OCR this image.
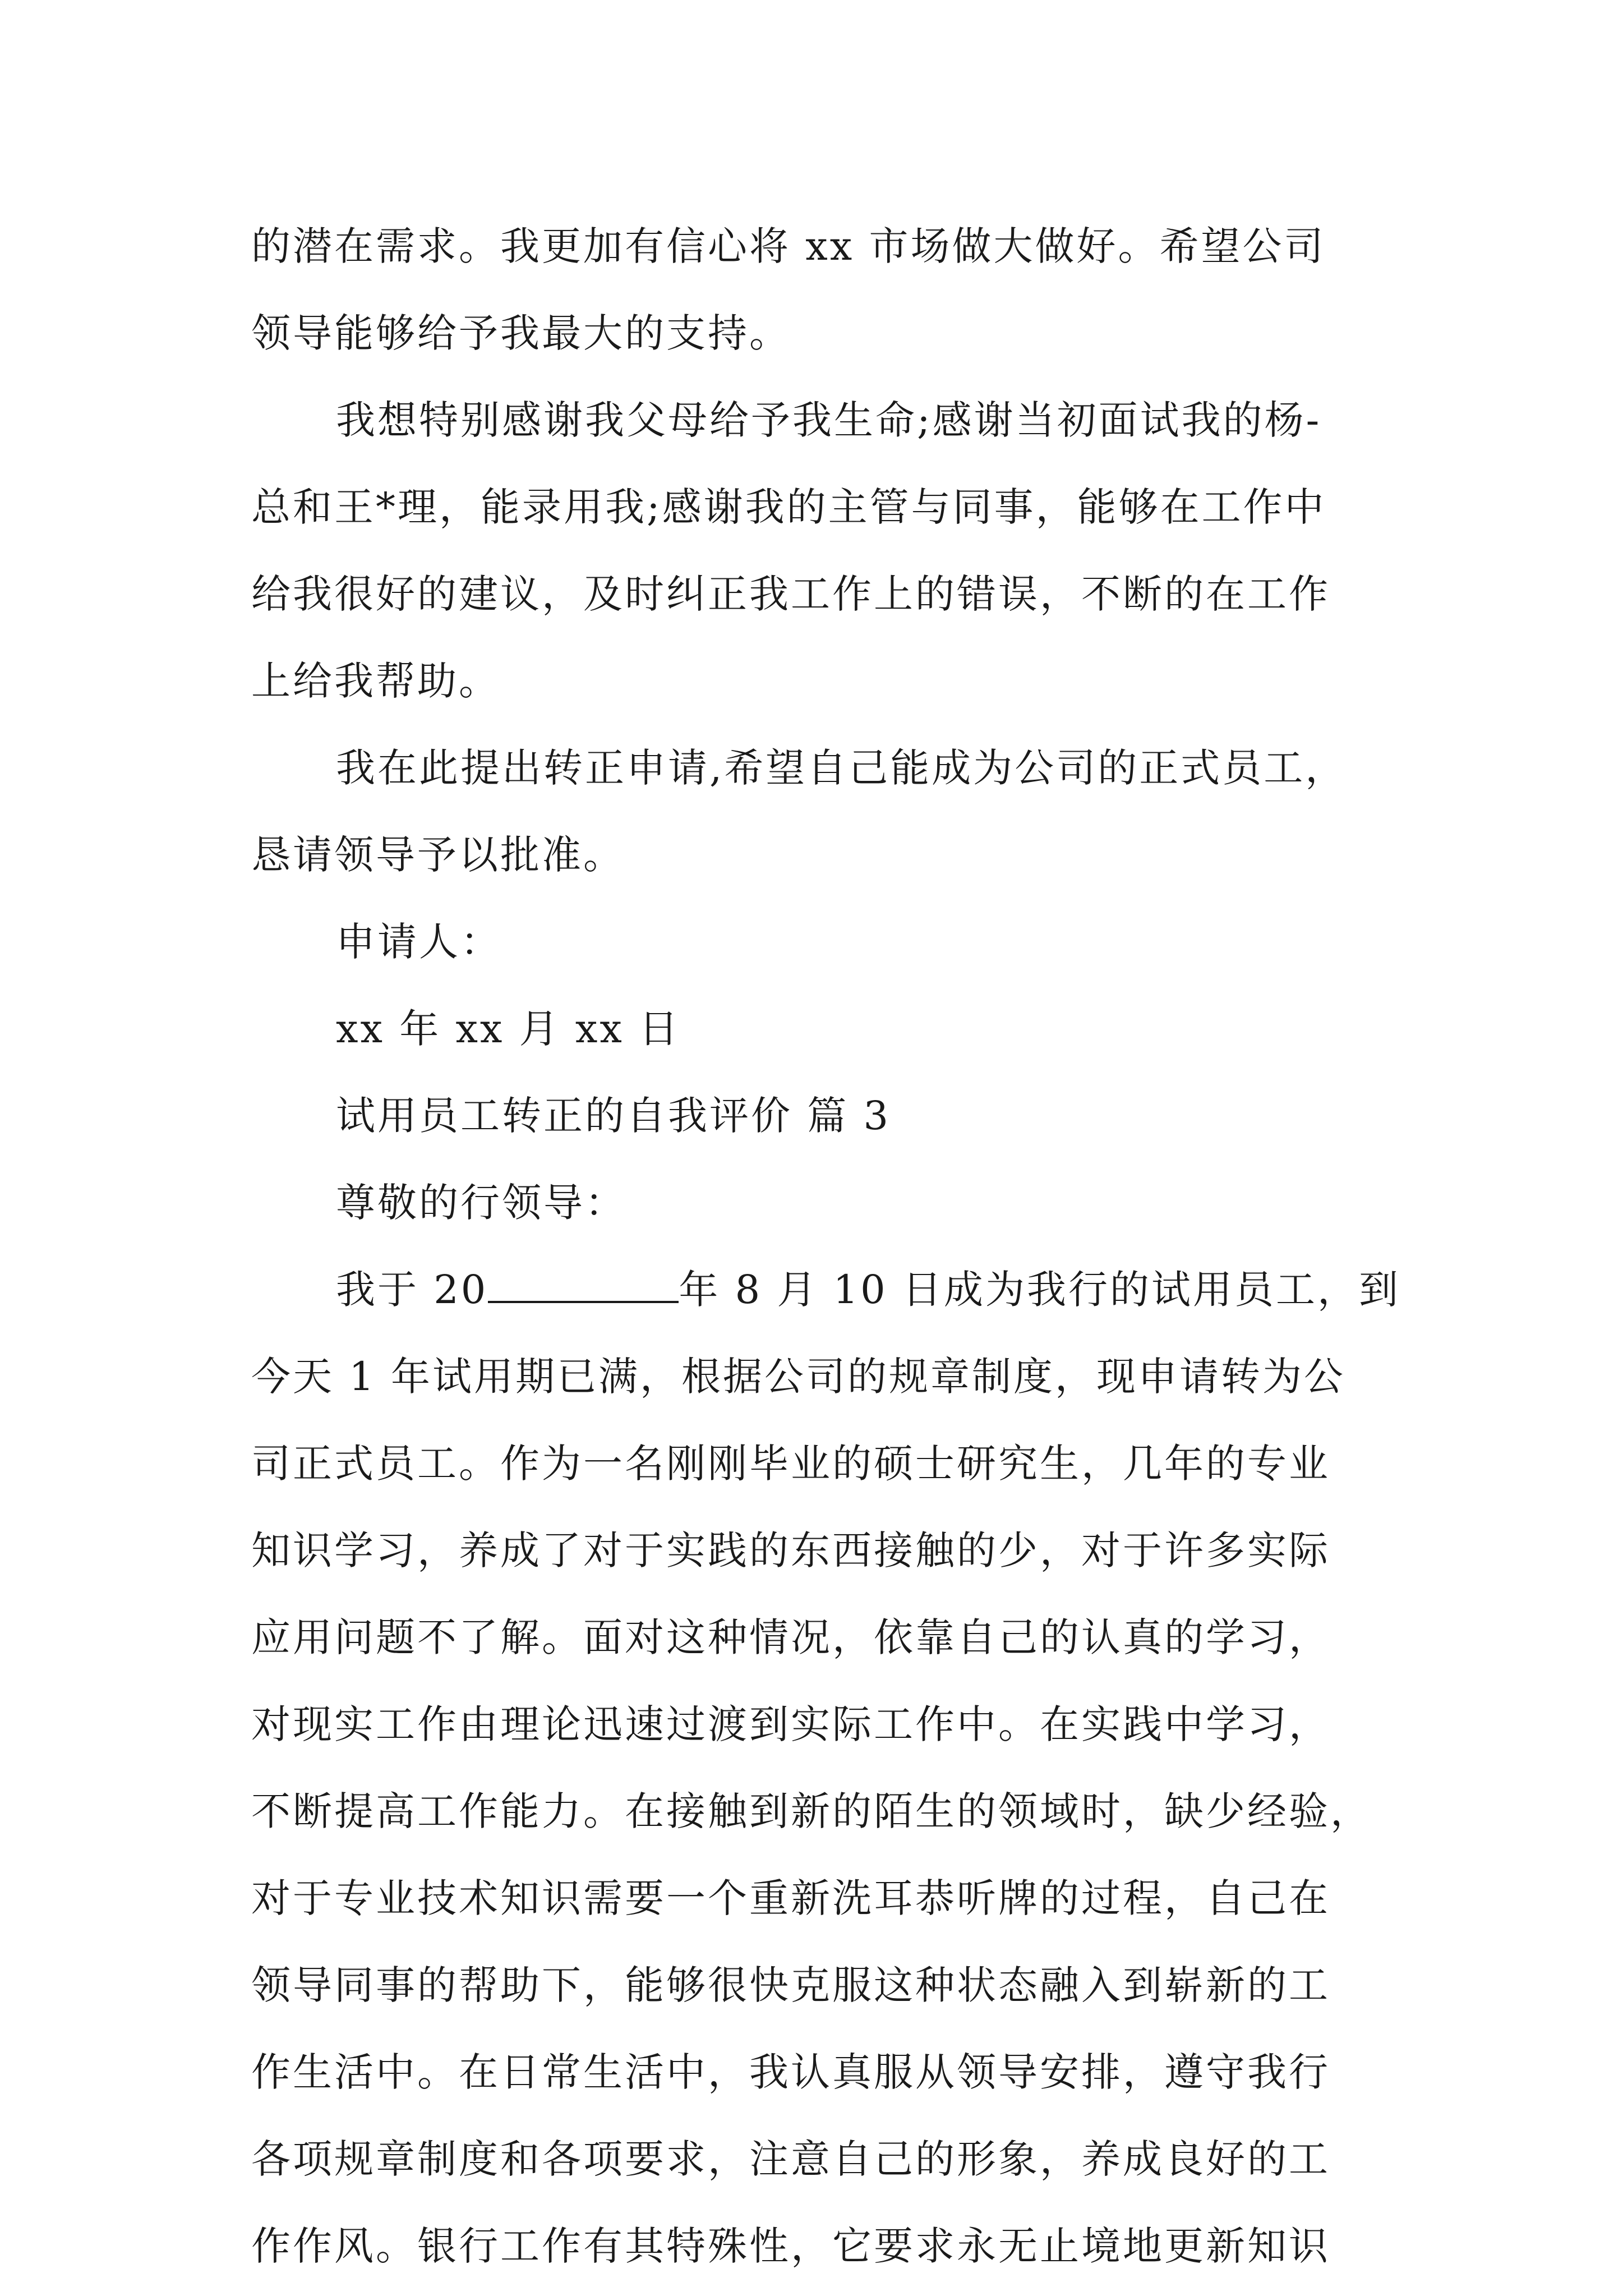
的潜在需求。我更加有信心将 xx 市场做大做好。希望公司
领导能够给予我最大的支持。
我想特别感谢我父母给予我生命;感谢当初面试我的杨-
总和王*理，能录用我;感谢我的主管与同事，能够在工作中
给我很好的建议，及时纠正我工作上的错误，不断的在工作
上给我帮助。
我在此提出转正申请,希望自己能成为公司的正式员工，
恳请领导予以批准。
申请人：
xx 年 xx 月 xx 日
试用员工转正的自我评价 篇 3
尊敬的行领导：
我于 20	年 8 月 10 日成为我行的试用员工，到
今天 1 年试用期已满，根据公司的规章制度，现申请转为公
司正式员工。作为一名刚刚毕业的硕士研究生，几年的专业
知识学习，养成了对于实践的东西接触的少，对于许多实际
应用问题不了解。面对这种情况，依靠自己的认真的学习，
对现实工作由理论迅速过渡到实际工作中。在实践中学习，
不断提高工作能力。在接触到新的陌生的领域时，缺少经验，
对于专业技术知识需要一个重新洗耳恭听牌的过程，自己在
领导同事的帮助下，能够很快克服这种状态融入到崭新的工
作生活中。在日常生活中，我认真服从领导安排，遵守我行
各项规章制度和各项要求，注意自己的形象，养成良好的工
作作风。银行工作有其特殊性，它要求永无止境地更新知识
